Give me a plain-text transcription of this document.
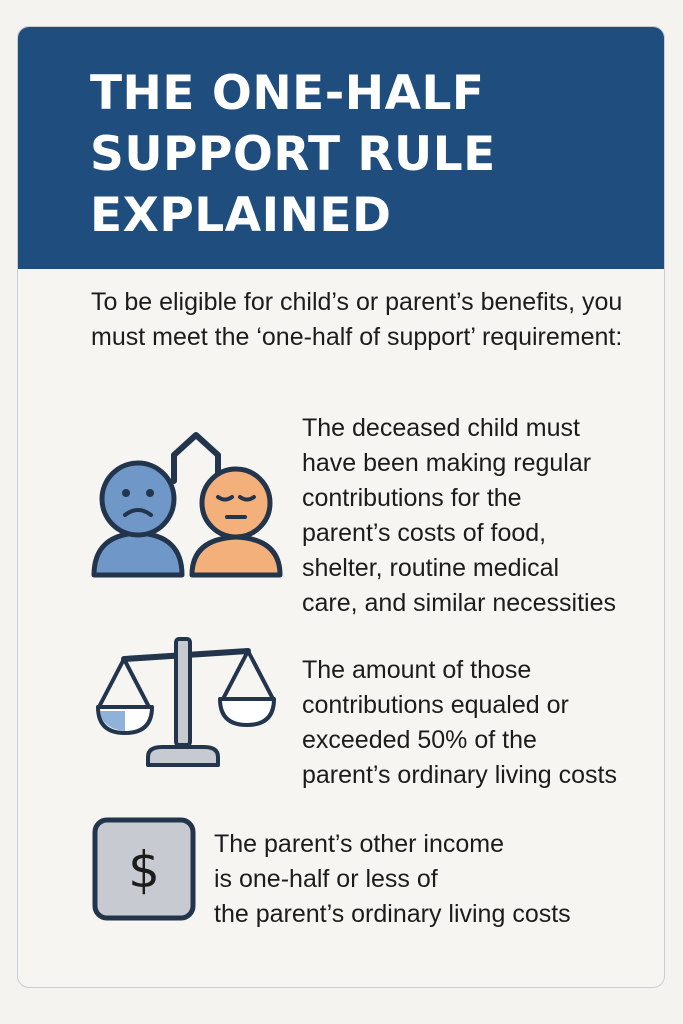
THE ONE-HALF SUPPORT RULE EXPLAINED

To be eligible for child’s or parent’s benefits, you must meet the ‘one-half of support’ requirement:

The deceased child must
have been making regular
contributions for the
parent’s costs of food,
shelter, routine medical
care, and similar necessities

The amount of those
contributions equaled or
exceeded 50% of the
parent’s ordinary living costs

$ The parent’s other income
is one-half or less of
the parent’s ordinary living costs
